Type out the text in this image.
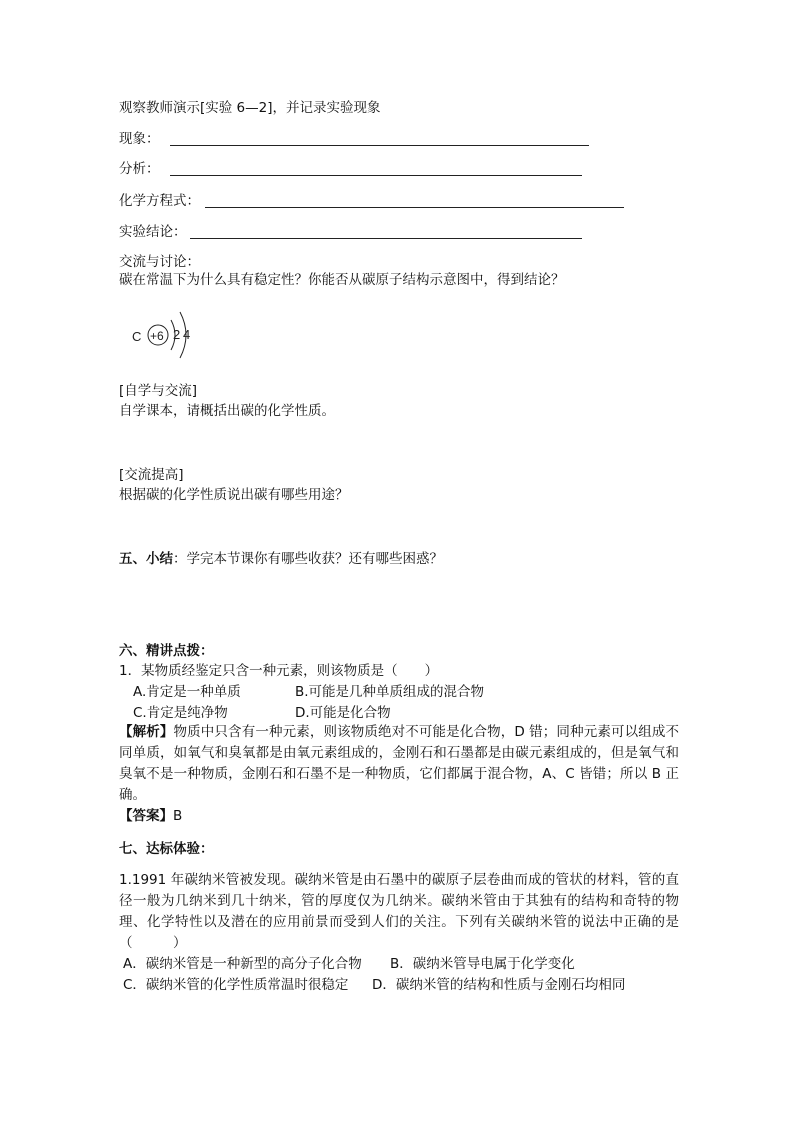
观察教师演示[实验 6—2]，并记录实验现象
现象：
分析：
化学方程式：
实验结论：
交流与讨论：
碳在常温下为什么具有稳定性？你能否从碳原子结构示意图中，得到结论？
C +6 2 4
[自学与交流]
自学课本，请概括出碳的化学性质。
[交流提高]
根据碳的化学性质说出碳有哪些用途？
五、小结：学完本节课你有哪些收获？还有哪些困惑？
六、精讲点拨：
1．某物质经鉴定只含一种元素，则该物质是（　　）
A.肯定是一种单质	B.可能是几种单质组成的混合物
C.肯定是纯净物	D.可能是化合物
【解析】物质中只含有一种元素，则该物质绝对不可能是化合物，D 错；同种元素可以组成不同单质，如氧气和臭氧都是由氧元素组成的，金刚石和石墨都是由碳元素组成的，但是氧气和臭氧不是一种物质，金刚石和石墨不是一种物质，它们都属于混合物，A、C 皆错；所以 B 正确。
【答案】B
七、达标体验：
1.1991 年碳纳米管被发现。碳纳米管是由石墨中的碳原子层卷曲而成的管状的材料，管的直径一般为几纳米到几十纳米，管的厚度仅为几纳米。碳纳米管由于其独有的结构和奇特的物理、化学特性以及潜在的应用前景而受到人们的关注。下列有关碳纳米管的说法中正确的是（　　　）
A．碳纳米管是一种新型的高分子化合物 B．碳纳米管导电属于化学变化
C．碳纳米管的化学性质常温时很稳定 D．碳纳米管的结构和性质与金刚石均相同
